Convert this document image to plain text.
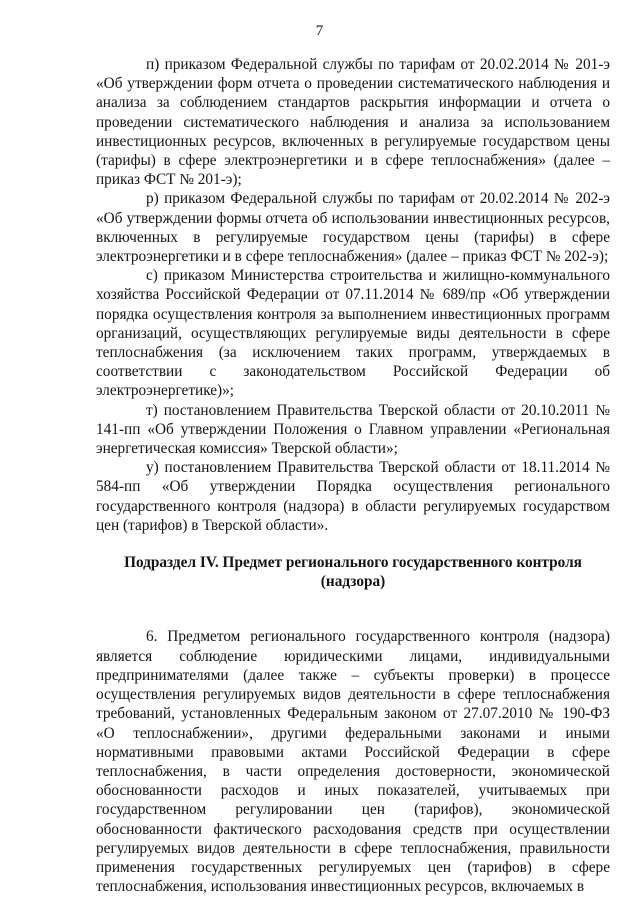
7

п) приказом Федеральной службы по тарифам от 20.02.2014 № 201-э «Об утверждении форм отчета о проведении систематического наблюдения и анализа за соблюдением стандартов раскрытия информации и отчета о проведении систематического наблюдения и анализа за использованием инвестиционных ресурсов, включенных в регулируемые государством цены (тарифы) в сфере электроэнергетики и в сфере теплоснабжения» (далее – приказ ФСТ № 201-э);

р) приказом Федеральной службы по тарифам от 20.02.2014 № 202-э «Об утверждении формы отчета об использовании инвестиционных ресурсов, включенных в регулируемые государством цены (тарифы) в сфере электроэнергетики и в сфере теплоснабжения» (далее – приказ ФСТ № 202-э);

с) приказом Министерства строительства и жилищно-коммунального хозяйства Российской Федерации от 07.11.2014 № 689/пр «Об утверждении порядка осуществления контроля за выполнением инвестиционных программ организаций, осуществляющих регулируемые виды деятельности в сфере теплоснабжения (за исключением таких программ, утверждаемых в соответствии с законодательством Российской Федерации об электроэнергетике)»;

т) постановлением Правительства Тверской области от 20.10.2011 № 141-пп «Об утверждении Положения о Главном управлении «Региональная энергетическая комиссия» Тверской области»;

у) постановлением Правительства Тверской области от 18.11.2014 № 584-пп «Об утверждении Порядка осуществления регионального государственного контроля (надзора) в области регулируемых государством цен (тарифов) в Тверской области».

Подраздел IV. Предмет регионального государственного контроля (надзора)

6. Предметом регионального государственного контроля (надзора) является соблюдение юридическими лицами, индивидуальными предпринимателями (далее также – субъекты проверки) в процессе осуществления регулируемых видов деятельности в сфере теплоснабжения требований, установленных Федеральным законом от 27.07.2010 № 190-ФЗ «О теплоснабжении», другими федеральными законами и иными нормативными правовыми актами Российской Федерации в сфере теплоснабжения, в части определения достоверности, экономической обоснованности расходов и иных показателей, учитываемых при государственном регулировании цен (тарифов), экономической обоснованности фактического расходования средств при осуществлении регулируемых видов деятельности в сфере теплоснабжения, правильности применения государственных регулируемых цен (тарифов) в сфере теплоснабжения, использования инвестиционных ресурсов, включаемых в
